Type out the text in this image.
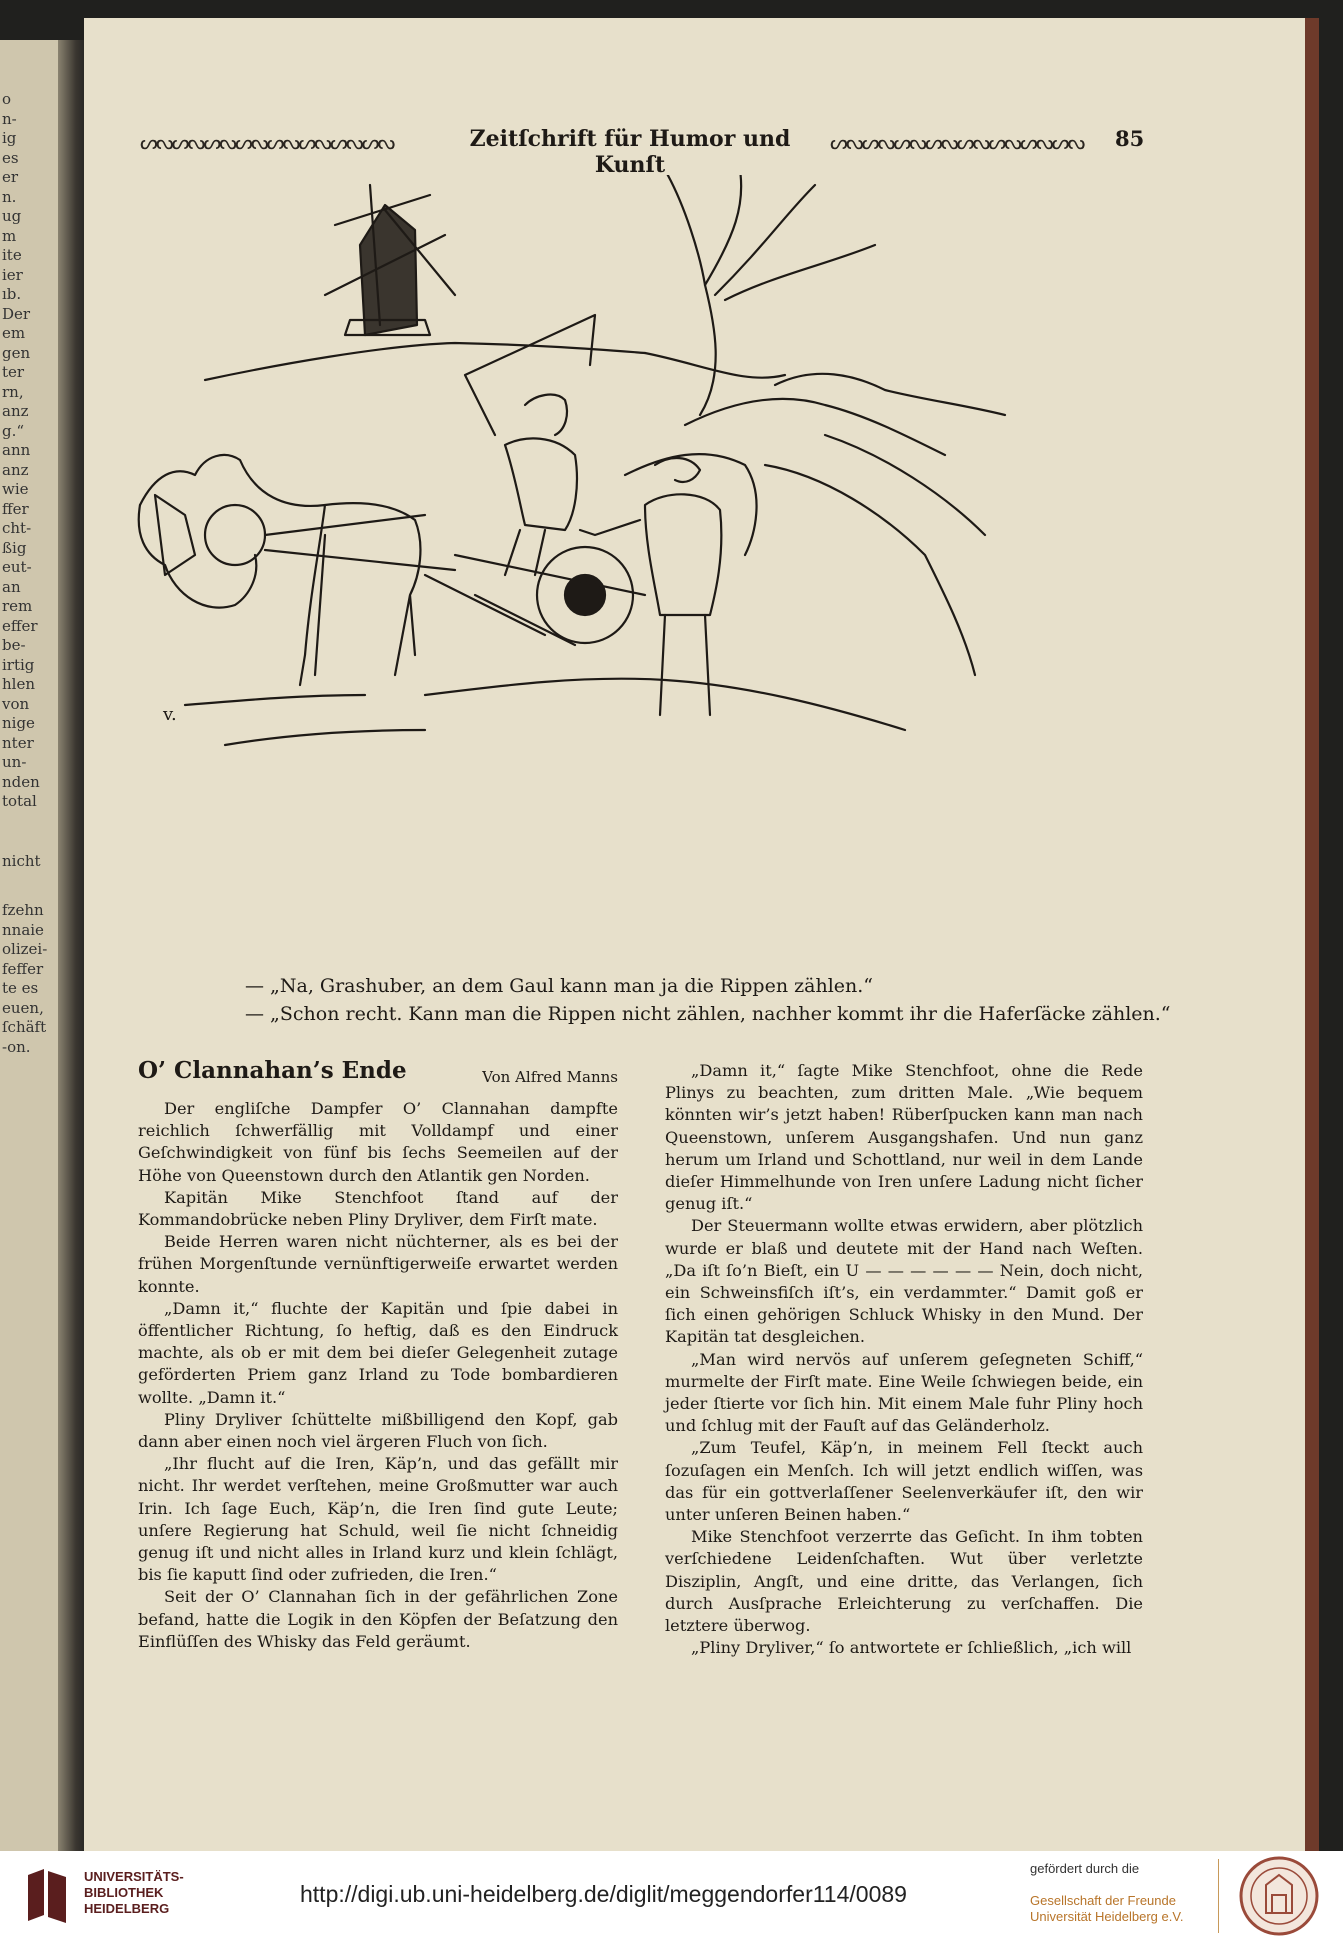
o
n-
ig
es
er
n.
ug
m
ite
ier
ıb.
Der
em
gen
ter
rn,
anz
g.“
ann
anz
wie
ffer
cht-
ßig
eut-
an
rem
effer
be-
irtig
hlen
von
nige
nter
un-
nden
total
nicht
fzehn
nnaie
olizei-
feffer
te es
euen,
ſchäft
-on.
ᔕᔓᔕᔓᔕᔓᔕᔓᔕᔓᔕᔓᔕᔓᔕᔓ	Zeitſchrift für Humor und Kunſt
ᔕᔓᔕᔓᔕᔓᔕᔓᔕᔓᔕᔓᔕᔓᔕᔓ	85
v.
— „Na, Grashuber, an dem Gaul kann man ja die Rippen zählen.“
— „Schon recht. Kann man die Rippen nicht zählen, nachher kommt ihr die Haferſäcke zählen.“
O’ Clannahan’s Ende	Von Alfred Manns

Der engliſche Dampfer O’ Clannahan dampfte reichlich ſchwerfällig mit Volldampf und einer Geſchwindigkeit von fünf bis ſechs Seemeilen auf der Höhe von Queenstown durch den Atlantik gen Norden.

Kapitän Mike Stenchfoot ſtand auf der Kommandobrücke neben Pliny Dryliver, dem Firſt mate.

Beide Herren waren nicht nüchterner, als es bei der frühen Morgenſtunde vernünftigerweiſe erwartet werden konnte.

„Damn it,“ fluchte der Kapitän und ſpie dabei in öffentlicher Richtung, ſo heftig, daß es den Eindruck machte, als ob er mit dem bei dieſer Gelegenheit zutage geförderten Priem ganz Irland zu Tode bombardieren wollte. „Damn it.“

Pliny Dryliver ſchüttelte mißbilligend den Kopf, gab dann aber einen noch viel ärgeren Fluch von ſich.

„Ihr flucht auf die Iren, Käp’n, und das gefällt mir nicht. Ihr werdet verſtehen, meine Großmutter war auch Irin. Ich ſage Euch, Käp’n, die Iren ſind gute Leute; unſere Regierung hat Schuld, weil ſie nicht ſchneidig genug iſt und nicht alles in Irland kurz und klein ſchlägt, bis ſie kaputt ſind oder zufrieden, die Iren.“

Seit der O’ Clannahan ſich in der gefährlichen Zone befand, hatte die Logik in den Köpfen der Beſatzung den Einflüſſen des Whisky das Feld geräumt.

„Damn it,“ ſagte Mike Stenchfoot, ohne die Rede Plinys zu beachten, zum dritten Male. „Wie bequem könnten wir’s jetzt haben! Rüberſpucken kann man nach Queenstown, unſerem Ausgangshafen. Und nun ganz herum um Irland und Schottland, nur weil in dem Lande dieſer Himmelhunde von Iren unſere Ladung nicht ſicher genug iſt.“

Der Steuermann wollte etwas erwidern, aber plötzlich wurde er blaß und deutete mit der Hand nach Weſten. „Da iſt ſo’n Bieſt, ein U — — — — — — Nein, doch nicht, ein Schweinsfiſch iſt’s, ein verdammter.“ Damit goß er ſich einen gehörigen Schluck Whisky in den Mund. Der Kapitän tat desgleichen.

„Man wird nervös auf unſerem geſegneten Schiff,“ murmelte der Firſt mate. Eine Weile ſchwiegen beide, ein jeder ſtierte vor ſich hin. Mit einem Male fuhr Pliny hoch und ſchlug mit der Fauſt auf das Geländerholz.

„Zum Teufel, Käp’n, in meinem Fell ſteckt auch ſozuſagen ein Menſch. Ich will jetzt endlich wiſſen, was das für ein gottverlaſſener Seelenverkäufer iſt, den wir unter unſeren Beinen haben.“

Mike Stenchfoot verzerrte das Geſicht. In ihm tobten verſchiedene Leidenſchaften. Wut über verletzte Disziplin, Angſt, und eine dritte, das Verlangen, ſich durch Ausſprache Erleichterung zu verſchaffen. Die letztere überwog.

„Pliny Dryliver,“ ſo antwortete er ſchließlich, „ich will

UNIVERSITÄTS-
BIBLIOTHEK
HEIDELBERG
http://digi.ub.uni-heidelberg.de/diglit/meggendorfer114/0089
gefördert durch die
Gesellschaft der Freunde
Universität Heidelberg e.V.
